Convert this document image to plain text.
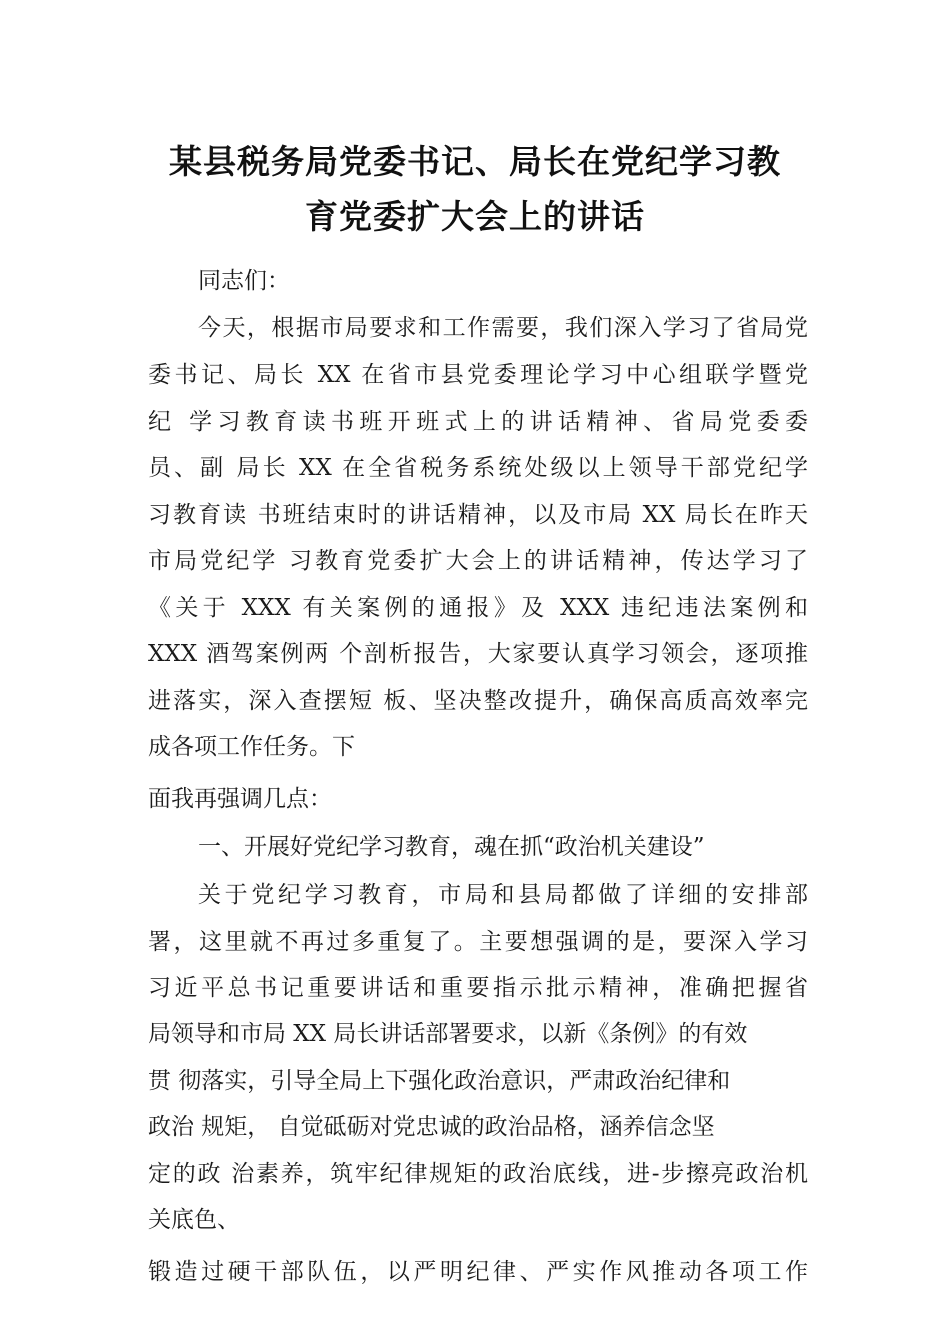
某县税务局党委书记、局长在党纪学习教
育党委扩大会上的讲话
同志们：
今天，根据市局要求和工作需要，我们深入学习了省局党
委书记、局长 XX 在省市县党委理论学习中心组联学暨党
纪 学习教育读书班开班式上的讲话精神、省局党委委
员、副 局长 XX 在全省税务系统处级以上领导干部党纪学
习教育读 书班结束时的讲话精神，以及市局 XX 局长在昨天
市局党纪学 习教育党委扩大会上的讲话精神，传达学习了
《关于 XXX 有关案例的通报》及 XXX 违纪违法案例和
XXX 酒驾案例两 个剖析报告，大家要认真学习领会，逐项推
进落实，深入查摆短 板、坚决整改提升，确保高质高效率完
成各项工作任务。下
面我再强调几点：
一、开展好党纪学习教育，魂在抓“政治机关建设”
关于党纪学习教育，市局和县局都做了详细的安排部
署，这里就不再过多重复了。主要想强调的是，要深入学习
习近平总书记重要讲话和重要指示批示精神，准确把握省
局领导和市局 XX 局长讲话部署要求，以新《条例》的有效
贯 彻落实，引导全局上下强化政治意识，严肃政治纪律和
政治 规矩， 自觉砥砺对党忠诚的政治品格，涵养信念坚
定的政 治素养，筑牢纪律规矩的政治底线，进-步擦亮政治机
关底色、
锻造过硬干部队伍，以严明纪律、严实作风推动各项工作
